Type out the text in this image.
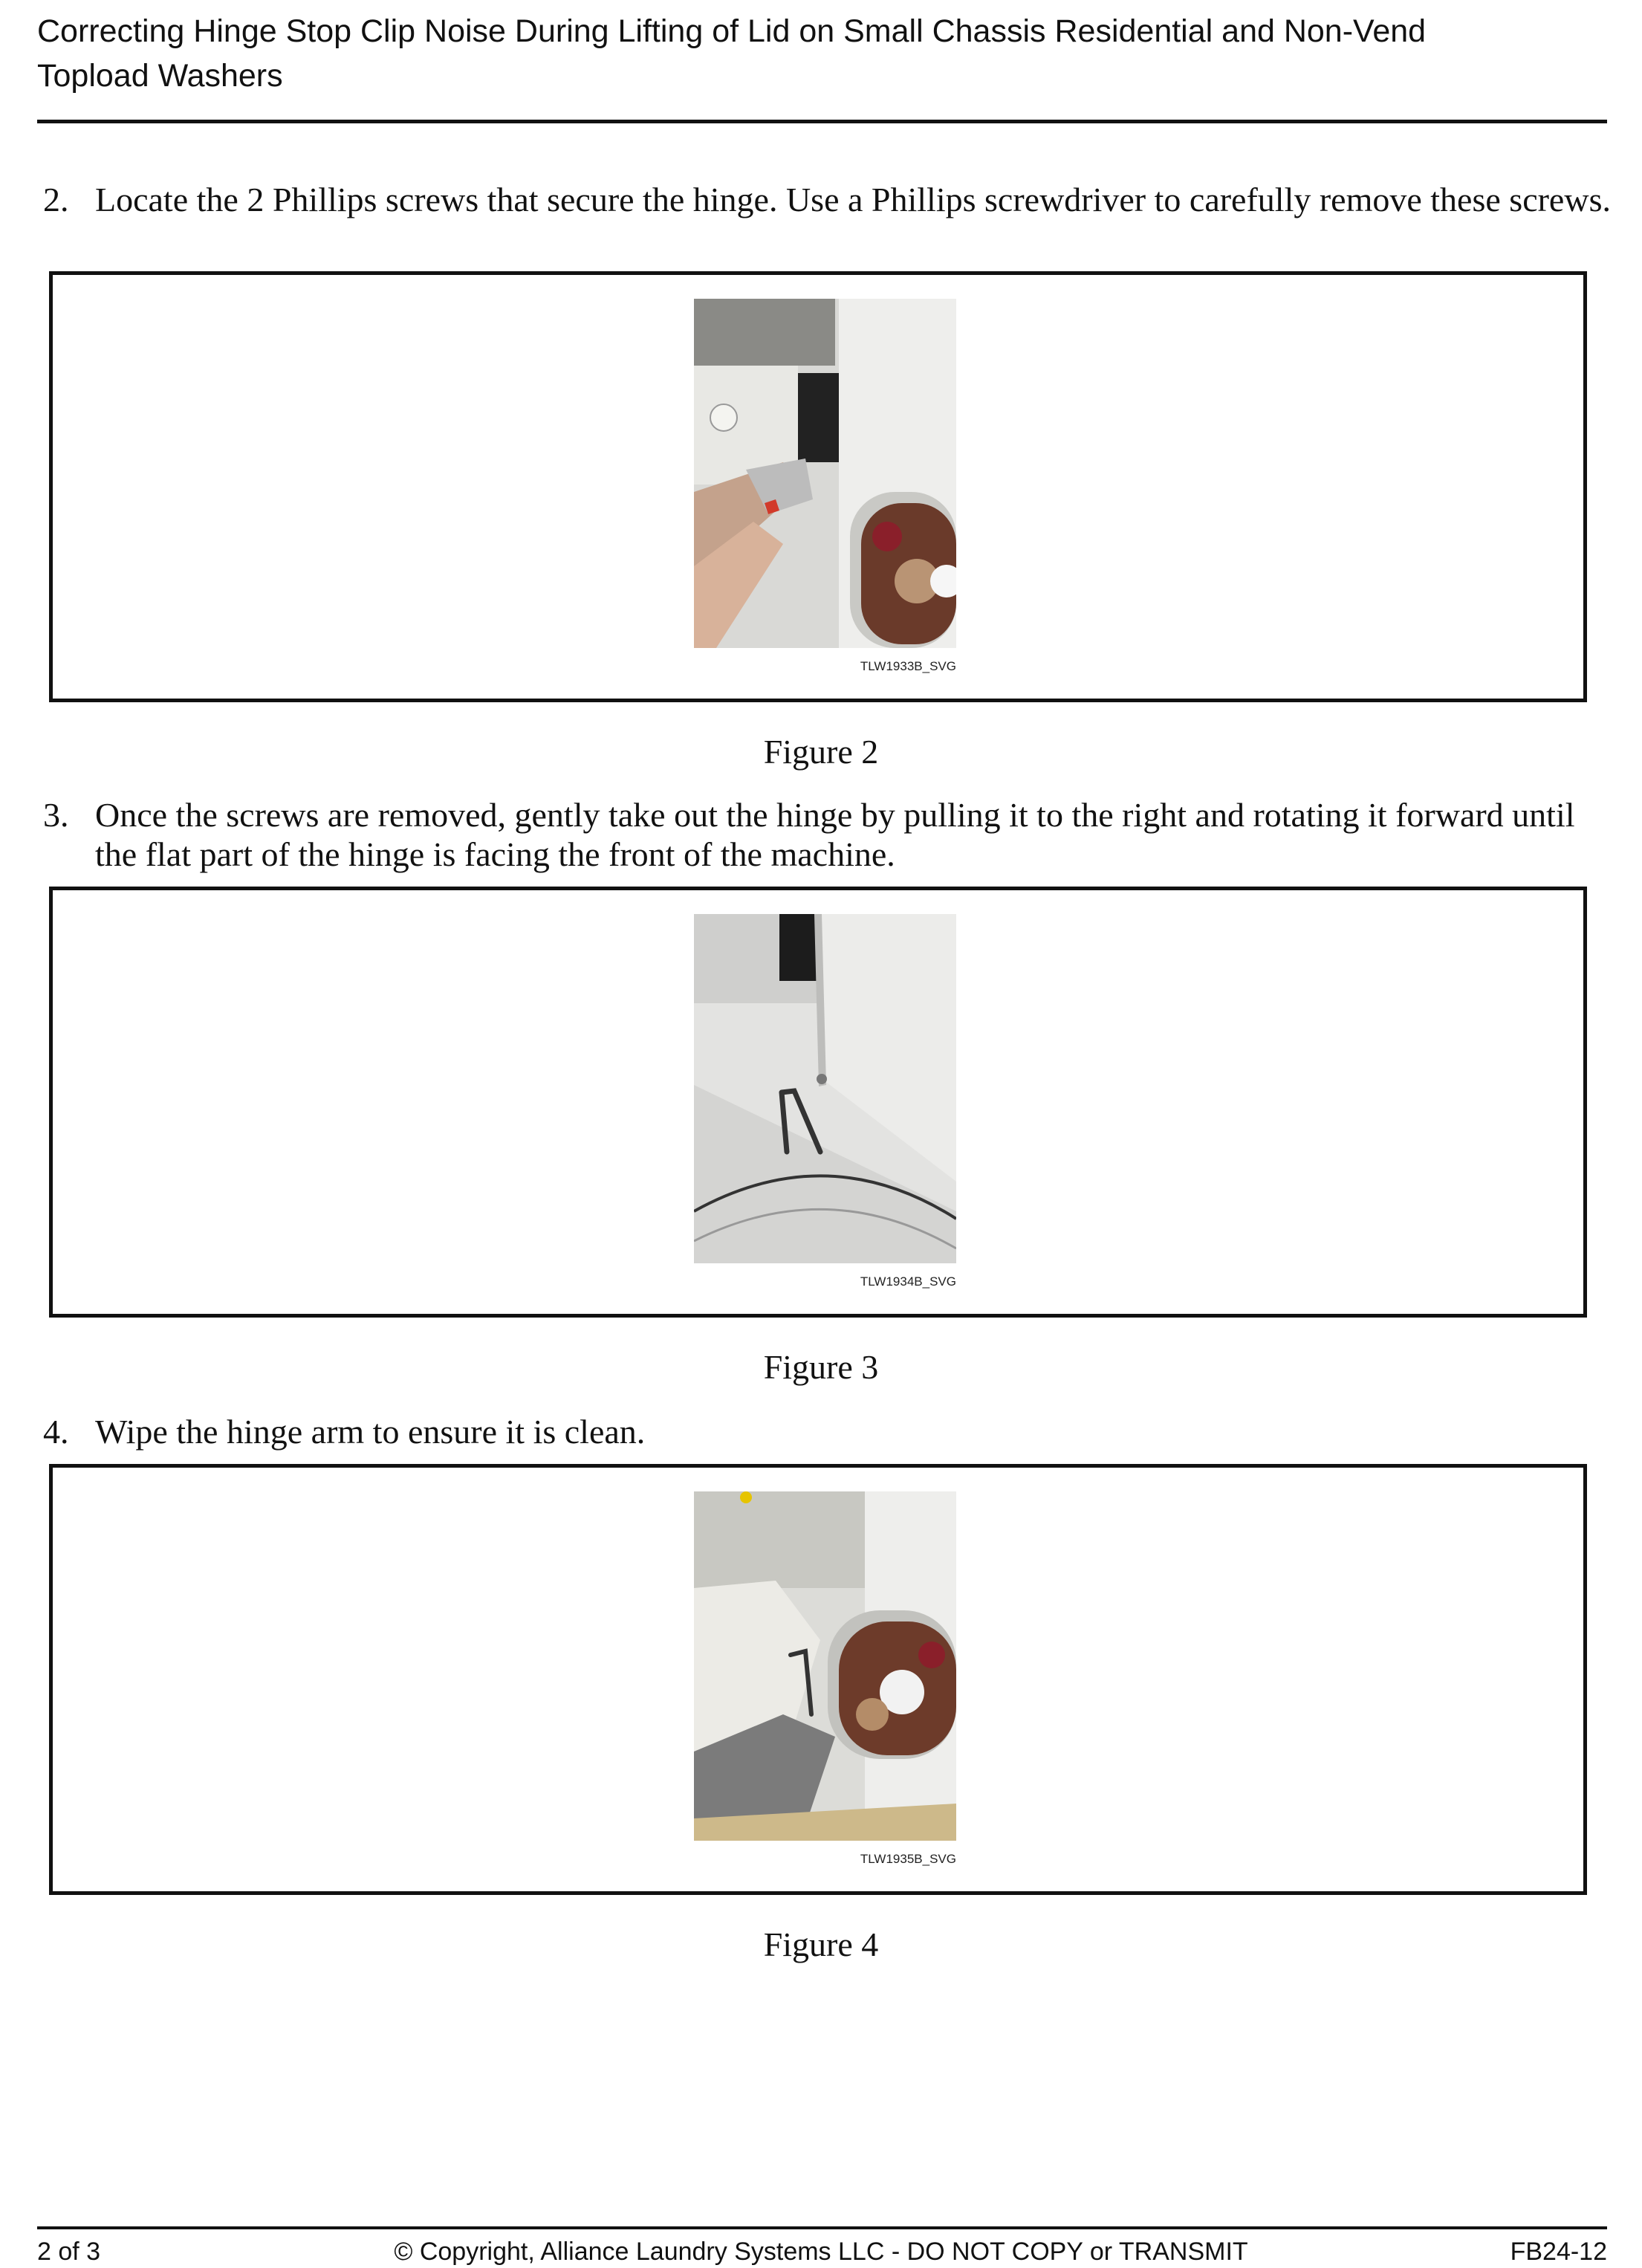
Correcting Hinge Stop Clip Noise During Lifting of Lid on Small Chassis Residential and Non-Vend
Topload Washers
2. Locate the 2 Phillips screws that secure the hinge. Use a Phillips screwdriver to carefully remove these screws.
TLW1933B_SVG
Figure 2
3. Once the screws are removed, gently take out the hinge by pulling it to the right and rotating it forward until the flat part of the hinge is facing the front of the machine.
TLW1934B_SVG
Figure 3
4. Wipe the hinge arm to ensure it is clean.
TLW1935B_SVG
Figure 4
2 of 3	© Copyright, Alliance Laundry Systems LLC - DO NOT COPY or TRANSMIT	FB24-12
